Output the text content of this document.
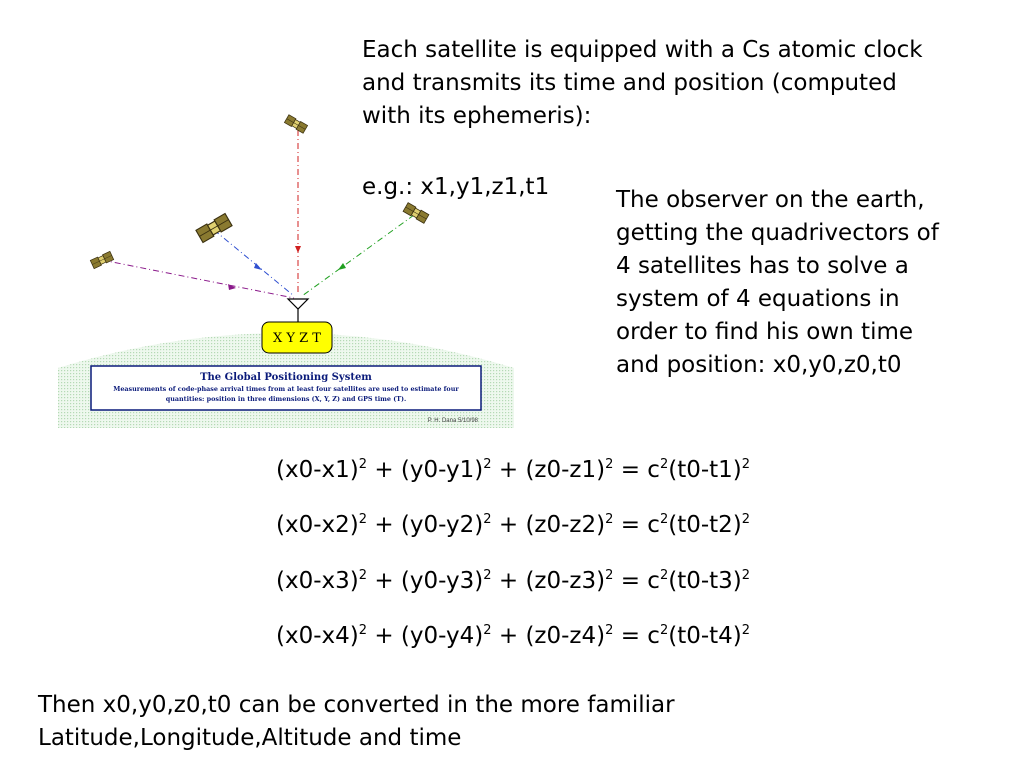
Each satellite is equipped with a Cs atomic clock
and transmits its time and position (computed
with its ephemeris):
e.g.: x1,y1,z1,t1	The observer on the earth,
getting the quadrivectors of
4 satellites has to solve a
system of 4 equations in
order to find his own time
and position: x0,y0,z0,t0
X Y Z T
The Global Positioning System
Measurements of code-phase arrival times from at least four satellites are used to estimate four
quantities: position in three dimensions (X, Y, Z) and GPS time (T).
P. H. Dana 5/10/98
$(x0-x1)^2 + (y0-y1)^2 + (z0-z1)^2 = c^2(t0-t1)^2$
$(x0-x2)^2 + (y0-y2)^2 + (z0-z2)^2 = c^2(t0-t2)^2$
$(x0-x3)^2 + (y0-y3)^2 + (z0-z3)^2 = c^2(t0-t3)^2$
$(x0-x4)^2 + (y0-y4)^2 + (z0-z4)^2 = c^2(t0-t4)^2$
Then x0,y0,z0,t0 can be converted in the more familiar
Latitude,Longitude,Altitude and time
